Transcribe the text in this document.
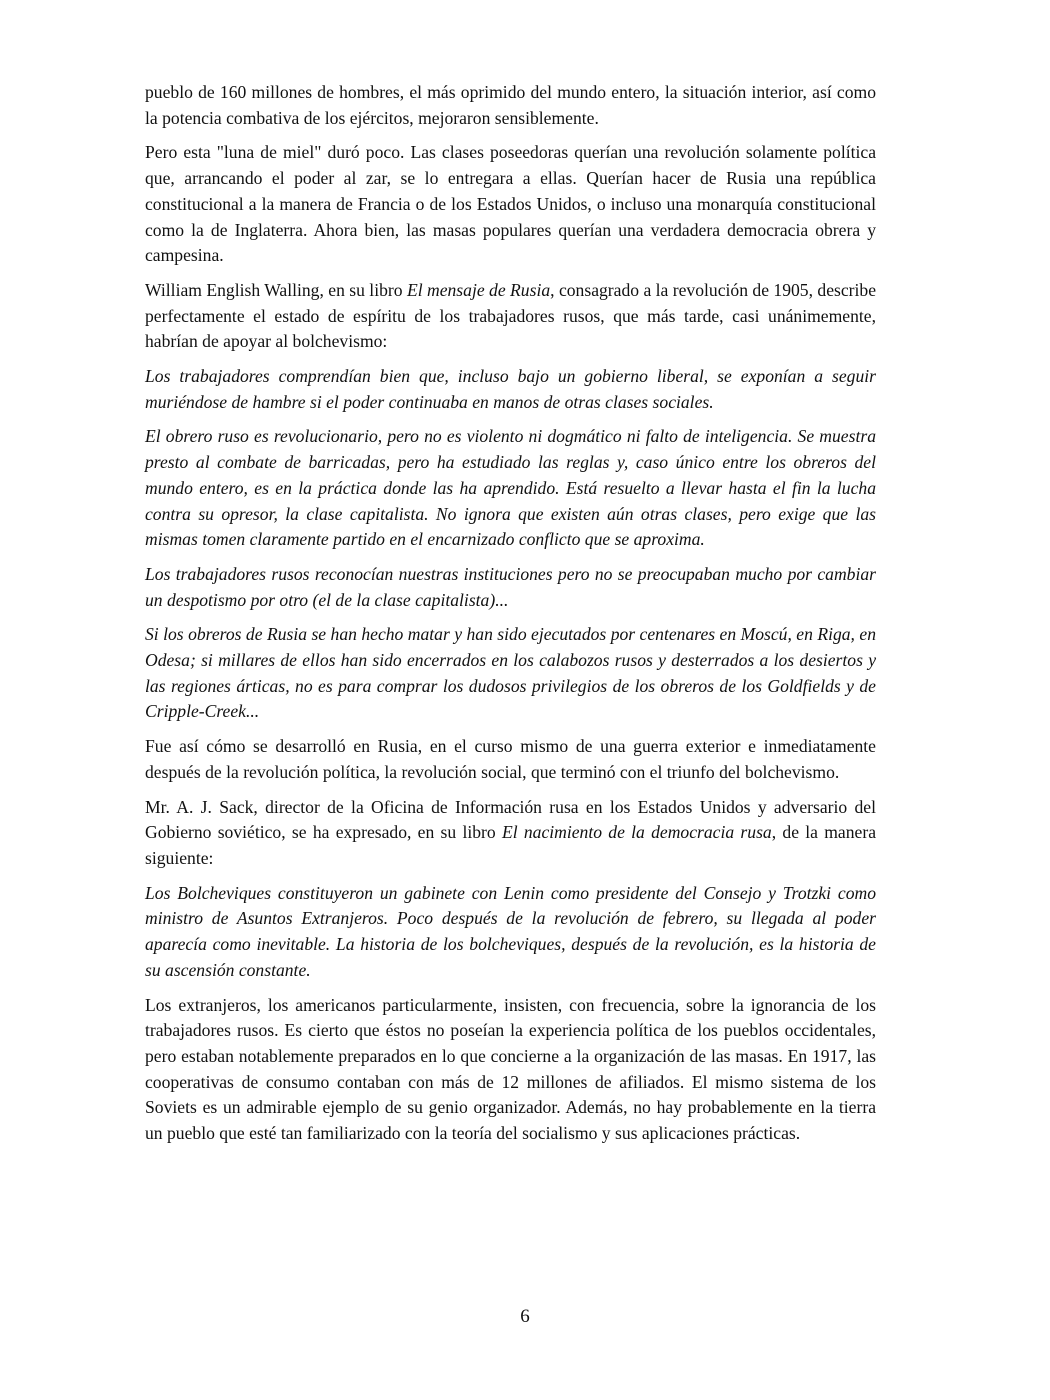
pueblo de 160 millones de hombres, el más oprimido del mundo entero, la situación interior, así como la potencia combativa de los ejércitos, mejoraron sensiblemente.

Pero esta "luna de miel" duró poco. Las clases poseedoras querían una revolución solamente política que, arrancando el poder al zar, se lo entregara a ellas. Querían hacer de Rusia una república constitucional a la manera de Francia o de los Estados Unidos, o incluso una monarquía constitucional como la de Inglaterra. Ahora bien, las masas populares querían una verdadera democracia obrera y campesina.

William English Walling, en su libro El mensaje de Rusia, consagrado a la revolución de 1905, describe perfectamente el estado de espíritu de los trabajadores rusos, que más tarde, casi unánimemente, habrían de apoyar al bolchevismo:

Los trabajadores comprendían bien que, incluso bajo un gobierno liberal, se exponían a seguir muriéndose de hambre si el poder continuaba en manos de otras clases sociales.

El obrero ruso es revolucionario, pero no es violento ni dogmático ni falto de inteligencia. Se muestra presto al combate de barricadas, pero ha estudiado las reglas y, caso único entre los obreros del mundo entero, es en la práctica donde las ha aprendido. Está resuelto a llevar hasta el fin la lucha contra su opresor, la clase capitalista. No ignora que existen aún otras clases, pero exige que las mismas tomen claramente partido en el encarnizado conflicto que se aproxima.

Los trabajadores rusos reconocían nuestras instituciones pero no se preocupaban mucho por cambiar un despotismo por otro (el de la clase capitalista)...

Si los obreros de Rusia se han hecho matar y han sido ejecutados por centenares en Moscú, en Riga, en Odesa; si millares de ellos han sido encerrados en los calabozos rusos y desterrados a los desiertos y las regiones árticas, no es para comprar los dudosos privilegios de los obreros de los Goldfields y de Cripple-Creek...

Fue así cómo se desarrolló en Rusia, en el curso mismo de una guerra exterior e inmediatamente después de la revolución política, la revolución social, que terminó con el triunfo del bolchevismo.

Mr. A. J. Sack, director de la Oficina de Información rusa en los Estados Unidos y adversario del Gobierno soviético, se ha expresado, en su libro El nacimiento de la democracia rusa, de la manera siguiente:

Los Bolcheviques constituyeron un gabinete con Lenin como presidente del Consejo y Trotzki como ministro de Asuntos Extranjeros. Poco después de la revolución de febrero, su llegada al poder aparecía como inevitable. La historia de los bolcheviques, después de la revolución, es la historia de su ascensión constante.

Los extranjeros, los americanos particularmente, insisten, con frecuencia, sobre la ignorancia de los trabajadores rusos. Es cierto que éstos no poseían la experiencia política de los pueblos occidentales, pero estaban notablemente preparados en lo que concierne a la organización de las masas. En 1917, las cooperativas de consumo contaban con más de 12 millones de afiliados. El mismo sistema de los Soviets es un admirable ejemplo de su genio organizador. Además, no hay probablemente en la tierra un pueblo que esté tan familiarizado con la teoría del socialismo y sus aplicaciones prácticas.

6
